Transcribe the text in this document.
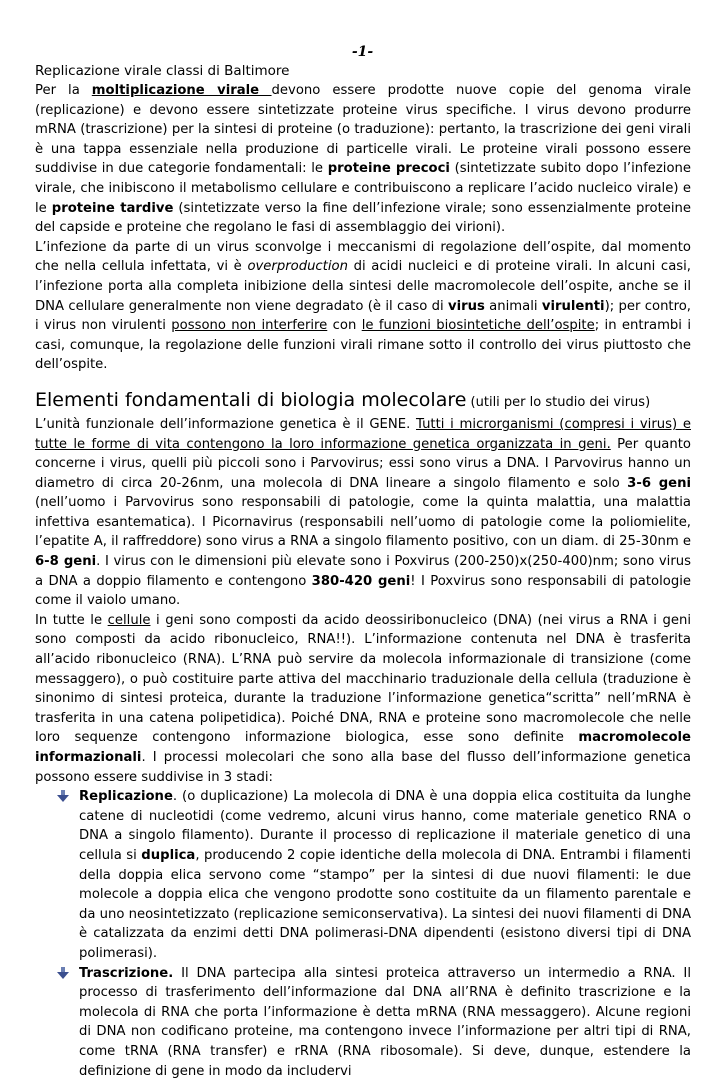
-1-
Replicazione virale classi di Baltimore

Per la moltiplicazione virale devono essere prodotte nuove copie del genoma virale (replicazione) e devono essere sintetizzate proteine virus specifiche. I virus devono produrre mRNA (trascrizione) per la sintesi di proteine (o traduzione): pertanto, la trascrizione dei geni virali è una tappa essenziale nella produzione di particelle virali. Le proteine virali possono essere suddivise in due categorie fondamentali: le proteine precoci (sintetizzate subito dopo l’infezione virale, che inibiscono il metabolismo cellulare e contribuiscono a replicare l’acido nucleico virale) e le proteine tardive (sintetizzate verso la fine dell’infezione virale; sono essenzialmente proteine del capside e proteine che regolano le fasi di assemblaggio dei virioni).

L’infezione da parte di un virus sconvolge i meccanismi di regolazione dell’ospite, dal momento che nella cellula infettata, vi è overproduction di acidi nucleici e di proteine virali. In alcuni casi, l’infezione porta alla completa inibizione della sintesi delle macromolecole dell’ospite, anche se il DNA cellulare generalmente non viene degradato (è il caso di virus animali virulenti); per contro, i virus non virulenti possono non interferire con le funzioni biosintetiche dell’ospite; in entrambi i casi, comunque, la regolazione delle funzioni virali rimane sotto il controllo dei virus piuttosto che dell’ospite.

Elementi fondamentali di biologia molecolare (utili per lo studio dei virus)

L’unità funzionale dell’informazione genetica è il GENE. Tutti i microrganismi (compresi i virus) e tutte le forme di vita contengono la loro informazione genetica organizzata in geni. Per quanto concerne i virus, quelli più piccoli sono i Parvovirus; essi sono virus a DNA. I Parvovirus hanno un diametro di circa 20-26nm, una molecola di DNA lineare a singolo filamento e solo 3-6 geni (nell’uomo i Parvovirus sono responsabili di patologie, come la quinta malattia, una malattia infettiva esantematica). I Picornavirus (responsabili nell’uomo di patologie come la poliomielite, l’epatite A, il raffreddore) sono virus a RNA a singolo filamento positivo, con un diam. di 25-30nm e 6-8 geni. I virus con le dimensioni più elevate sono i Poxvirus (200-250)x(250-400)nm; sono virus a DNA a doppio filamento e contengono 380-420 geni! I Poxvirus sono responsabili di patologie come il vaiolo umano.

In tutte le cellule i geni sono composti da acido deossiribonucleico (DNA) (nei virus a RNA i geni sono composti da acido ribonucleico, RNA!!). L’informazione contenuta nel DNA è trasferita all’acido ribonucleico (RNA). L’RNA può servire da molecola informazionale di transizione (come messaggero), o può costituire parte attiva del macchinario traduzionale della cellula (traduzione è sinonimo di sintesi proteica, durante la traduzione l’informazione genetica“scritta” nell’mRNA è trasferita in una catena polipetidica). Poiché DNA, RNA e proteine sono macromolecole che nelle loro sequenze contengono informazione biologica, esse sono definite macromolecole informazionali. I processi molecolari che sono alla base del flusso dell’informazione genetica possono essere suddivise in 3 stadi:

Replicazione. (o duplicazione) La molecola di DNA è una doppia elica costituita da lunghe catene di nucleotidi (come vedremo, alcuni virus hanno, come materiale genetico RNA o DNA a singolo filamento). Durante il processo di replicazione il materiale genetico di una cellula si duplica, producendo 2 copie identiche della molecola di DNA. Entrambi i filamenti della doppia elica servono come “stampo” per la sintesi di due nuovi filamenti: le due molecole a doppia elica che vengono prodotte sono costituite da un filamento parentale e da uno neosintetizzato (replicazione semiconservativa). La sintesi dei nuovi filamenti di DNA è catalizzata da enzimi detti DNA polimerasi-DNA dipendenti (esistono diversi tipi di DNA polimerasi).
Trascrizione. Il DNA partecipa alla sintesi proteica attraverso un intermedio a RNA. Il processo di trasferimento dell’informazione dal DNA all’RNA è definito trascrizione e la molecola di RNA che porta l’informazione è detta mRNA (RNA messaggero). Alcune regioni di DNA non codificano proteine, ma contengono invece l’informazione per altri tipi di RNA, come tRNA (RNA transfer) e rRNA (RNA ribosomale). Si deve, dunque, estendere la definizione di gene in modo da includervi
